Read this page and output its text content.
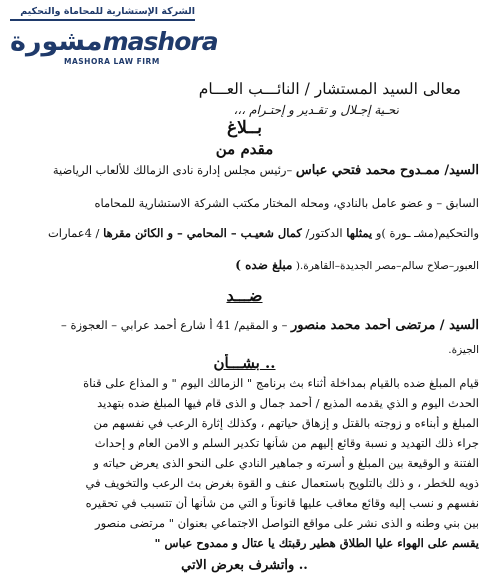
الشركة الإستشارية للمحاماة والتحكيم
مشورة mashora
MASHORA LAW FIRM
معالى السيد المستشار / النائـــب العـــام
تحـية إجـلال و تقـدير و إحتـرام ،،،
بــلاغ
مقدم من
السيد/ ممـدوح محمد فتحي عباس –رئيس مجلس إدارة نادى الزمالك للألعاب الرياضية
السابق – و عضو عامل بالنادي، ومحله المختار مكتب الشركة الاستشارية للمحاماه
والتحكيم(مشـ ـورة )و يمثلها الدكتور/ كمال شعيـب – المحامي – و الكائن مقرها / 4عمارات
العبور–صلاح سالم–مصر الجديدة–القاهرة.( مبلغ ضده )
ضـــد
السيد / مرتضى أحمد محمد منصور – و المقيم/ 41 أ شارع أحمد عرابي – العجوزة –
الجيزة.
بشـــأن ..
قيام المبلغ ضده بالقيام بمداخلة أثناء بث برنامج " الزمالك اليوم " و المذاع على قناة
الحدث اليوم و الذي يقدمه المذيع / أحمد جمال و الذى قام فيها المبلغ ضده بتهديد
المبلغ و أبناءه و زوجته بالقتل و إزهاق حياتهم ، وكذلك إثارة الرعب في نفسهم من
جراء ذلك التهديد و نسبة وقائع إليهم من شأنها تكدير السلم و الامن العام و إحداث
الفتنة و الوقيعة بين المبلغ و أسرته و جماهير النادي على النحو الذى يعرض حياته و
ذويه للخطر ، و ذلك بالتلويح باستعمال عنف و القوة بغرض بث الرعب والتخويف في
نفسهم و نسب إليه وقائع معاقب عليها قانوناً و التي من شأنها أن تتسبب في تحقيره
بين بني وطنه و الذى نشر على مواقع التواصل الاجتماعي بعنوان " مرتضى منصور
يقسم على الهواء عليا الطلاق هطير رقبتك يا عتال و ممدوح عباس "
وأتشرف بعرض الاتي ..
